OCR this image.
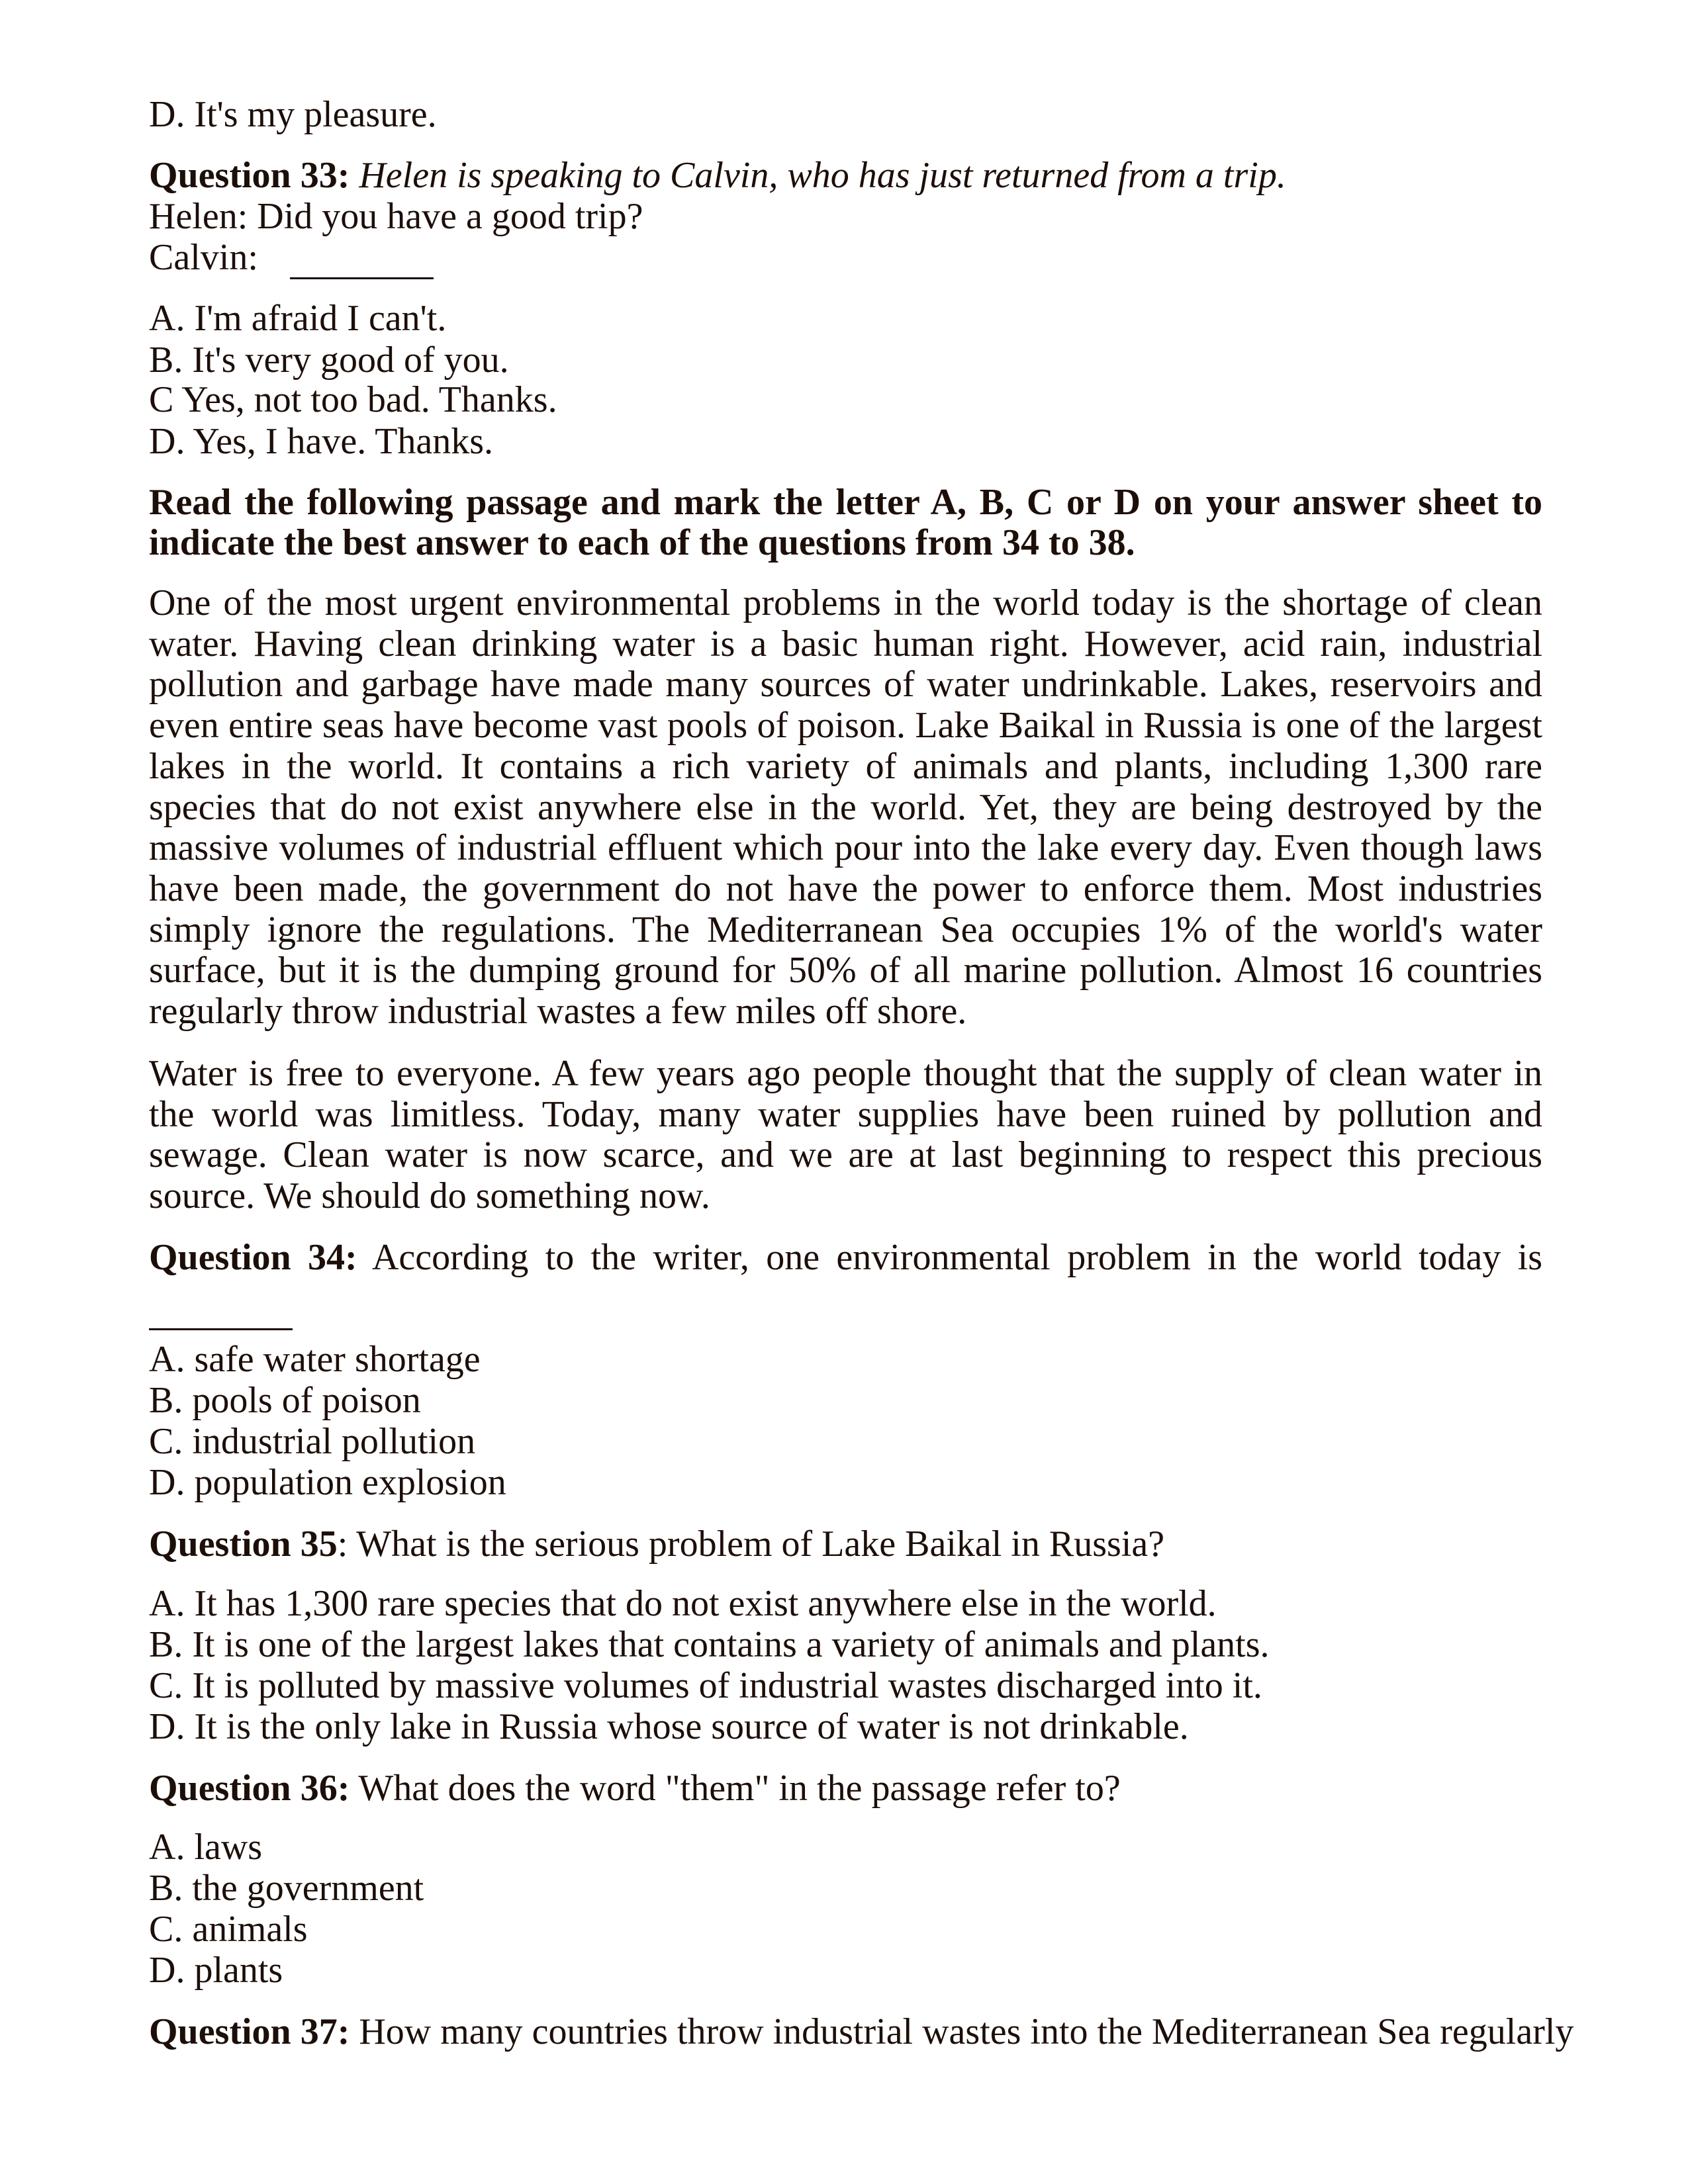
D. It's my pleasure.

Question 33: Helen is speaking to Calvin, who has just returned from a trip.
Helen: Did you have a good trip?
Calvin:
A. I'm afraid I can't.
B. It's very good of you.
C Yes, not too bad. Thanks.
D. Yes, I have. Thanks.

Read the following passage and mark the letter A, B, C or D on your answer sheet to indicate the best answer to each of the questions from 34 to 38.

One of the most urgent environmental problems in the world today is the shortage of clean water. Having clean drinking water is a basic human right. However, acid rain, industrial pollution and garbage have made many sources of water undrinkable. Lakes, reservoirs and even entire seas have become vast pools of poison. Lake Baikal in Russia is one of the largest lakes in the world. It contains a rich variety of animals and plants, including 1,300 rare species that do not exist anywhere else in the world. Yet, they are being destroyed by the massive volumes of industrial effluent which pour into the lake every day. Even though laws have been made, the government do not have the power to enforce them. Most industries simply ignore the regulations. The Mediterranean Sea occupies 1% of the world's water surface, but it is the dumping ground for 50% of all marine pollution. Almost 16 countries regularly throw industrial wastes a few miles off shore.

Water is free to everyone. A few years ago people thought that the supply of clean water in the world was limitless. Today, many water supplies have been ruined by pollution and sewage. Clean water is now scarce, and we are at last beginning to respect this precious source. We should do something now.

Question 34: According to the writer, one environmental problem in the world today is

A. safe water shortage
B. pools of poison
C. industrial pollution
D. population explosion

Question 35: What is the serious problem of Lake Baikal in Russia?

A. It has 1,300 rare species that do not exist anywhere else in the world.
B. It is one of the largest lakes that contains a variety of animals and plants.
C. It is polluted by massive volumes of industrial wastes discharged into it.
D. It is the only lake in Russia whose source of water is not drinkable.

Question 36: What does the word "them" in the passage refer to?

A. laws
B. the government
C. animals
D. plants

Question 37: How many countries throw industrial wastes into the Mediterranean Sea regularly
